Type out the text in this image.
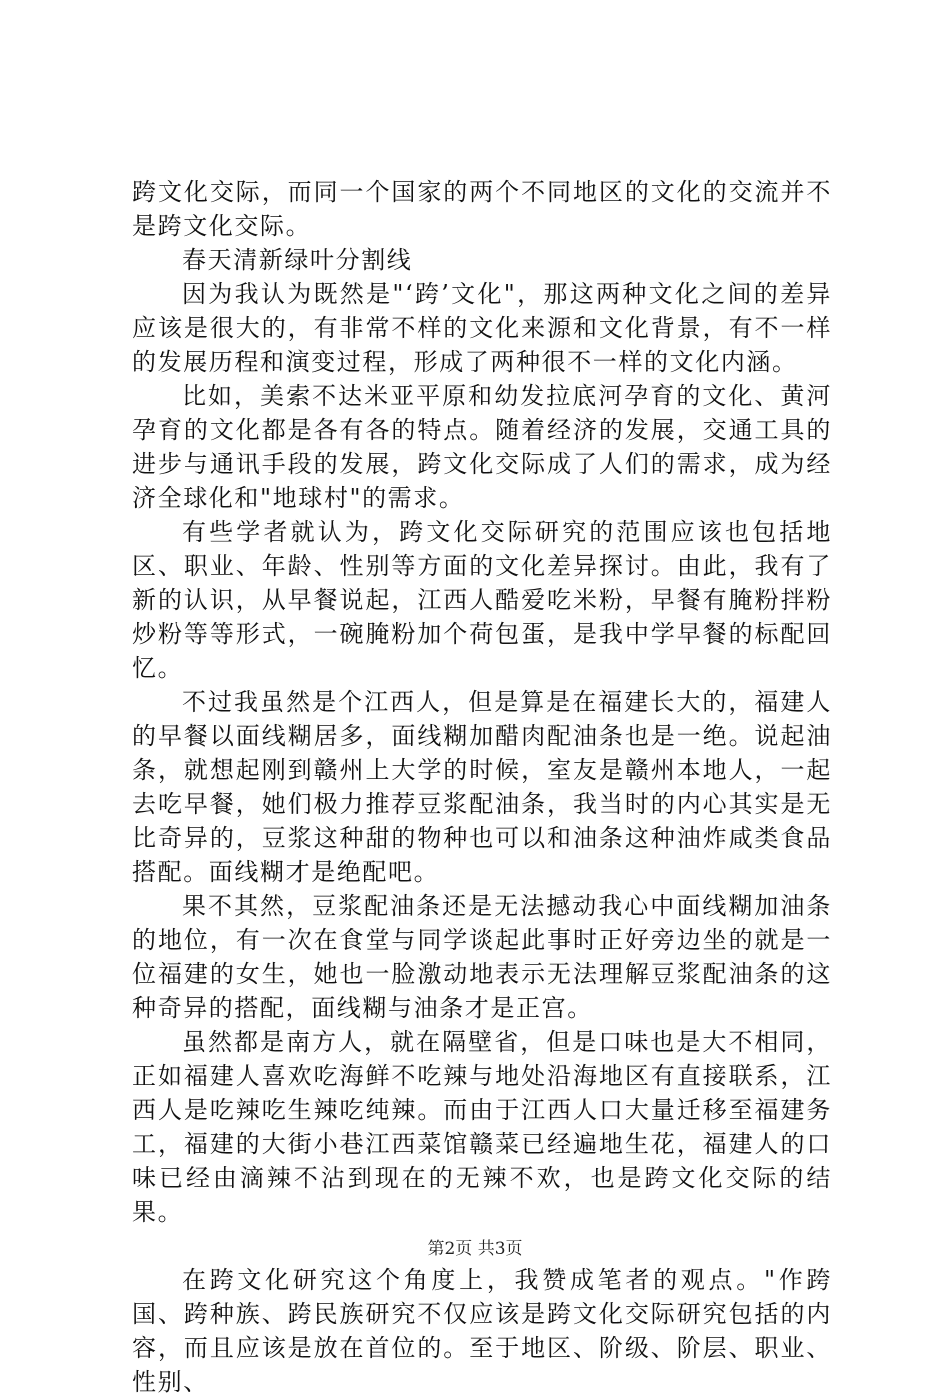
跨文化交际，而同一个国家的两个不同地区的文化的交流并不是跨文化交际。

春天清新绿叶分割线

因为我认为既然是"‘跨’文化"，那这两种文化之间的差异应该是很大的，有非常不样的文化来源和文化背景，有不一样的发展历程和演变过程，形成了两种很不一样的文化内涵。

比如，美索不达米亚平原和幼发拉底河孕育的文化、黄河孕育的文化都是各有各的特点。随着经济的发展，交通工具的进步与通讯手段的发展，跨文化交际成了人们的需求，成为经济全球化和"地球村"的需求。

有些学者就认为，跨文化交际研究的范围应该也包括地区、职业、年龄、性别等方面的文化差异探讨。由此，我有了新的认识，从早餐说起，江西人酷爱吃米粉，早餐有腌粉拌粉炒粉等等形式，一碗腌粉加个荷包蛋，是我中学早餐的标配回忆。

不过我虽然是个江西人，但是算是在福建长大的，福建人的早餐以面线糊居多，面线糊加醋肉配油条也是一绝。说起油条，就想起刚到赣州上大学的时候，室友是赣州本地人，一起去吃早餐，她们极力推荐豆浆配油条，我当时的内心其实是无比奇异的，豆浆这种甜的物种也可以和油条这种油炸咸类食品搭配。面线糊才是绝配吧。

果不其然，豆浆配油条还是无法撼动我心中面线糊加油条的地位，有一次在食堂与同学谈起此事时正好旁边坐的就是一位福建的女生，她也一脸激动地表示无法理解豆浆配油条的这种奇异的搭配，面线糊与油条才是正宫。

虽然都是南方人，就在隔壁省，但是口味也是大不相同，正如福建人喜欢吃海鲜不吃辣与地处沿海地区有直接联系，江西人是吃辣吃生辣吃纯辣。而由于江西人口大量迁移至福建务工，福建的大街小巷江西菜馆赣菜已经遍地生花，福建人的口味已经由滴辣不沾到现在的无辣不欢，也是跨文化交际的结果。

在跨文化研究这个角度上，我赞成笔者的观点。"作跨国、跨种族、跨民族研究不仅应该是跨文化交际研究包括的内容，而且应该是放在首位的。至于地区、阶级、阶层、职业、性别、

第2页 共3页
